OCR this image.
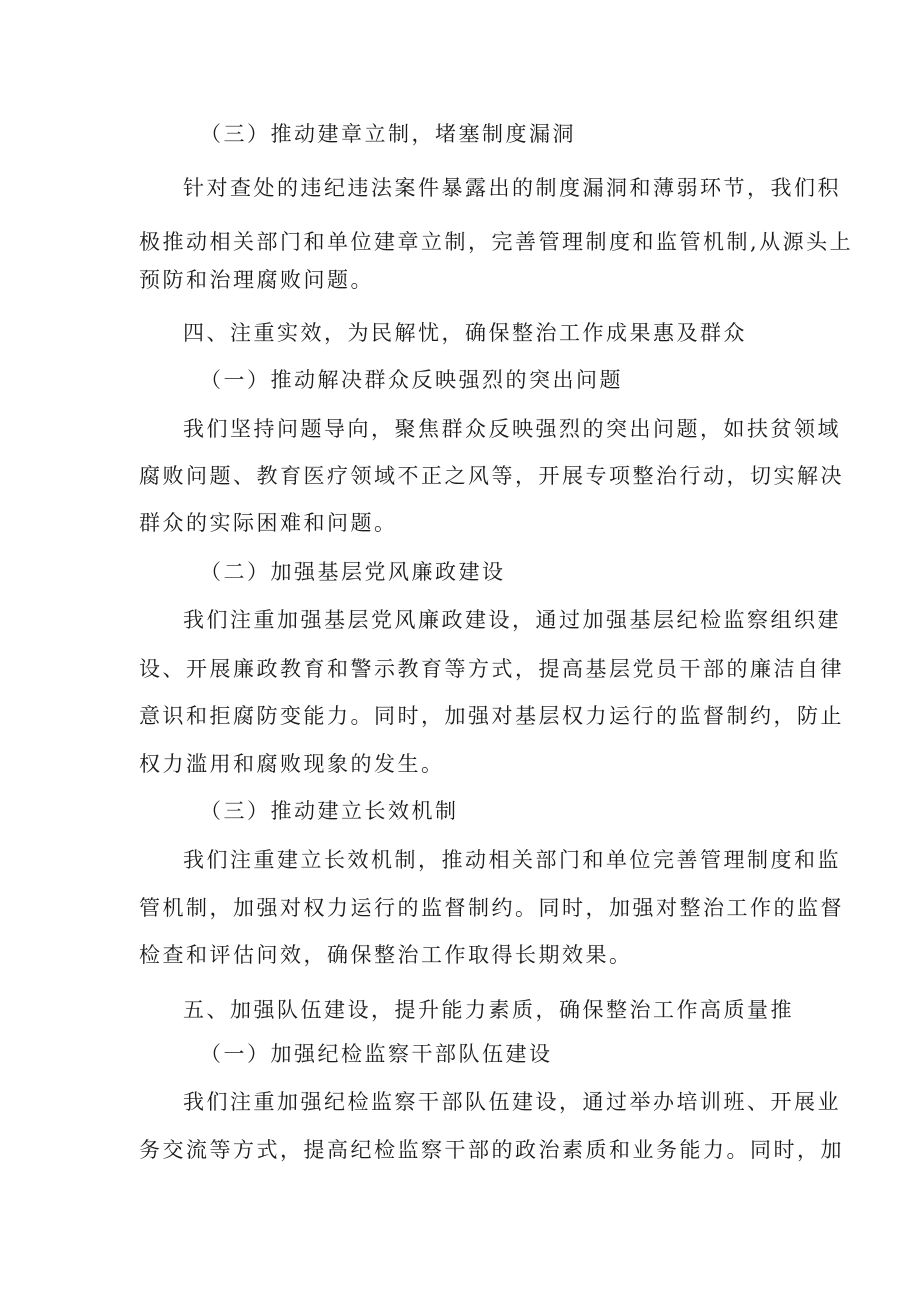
（三）推动建章立制，堵塞制度漏洞
针对查处的违纪违法案件暴露出的制度漏洞和薄弱环节，我们积
极推动相关部门和单位建章立制，完善管理制度和监管机制,从源头上
预防和治理腐败问题。
四、注重实效，为民解忧，确保整治工作成果惠及群众
（一）推动解决群众反映强烈的突出问题
我们坚持问题导向，聚焦群众反映强烈的突出问题，如扶贫领域
腐败问题、教育医疗领域不正之风等，开展专项整治行动，切实解决
群众的实际困难和问题。
（二）加强基层党风廉政建设
我们注重加强基层党风廉政建设，通过加强基层纪检监察组织建
设、开展廉政教育和警示教育等方式，提高基层党员干部的廉洁自律
意识和拒腐防变能力。同时，加强对基层权力运行的监督制约，防止
权力滥用和腐败现象的发生。
（三）推动建立长效机制
我们注重建立长效机制，推动相关部门和单位完善管理制度和监
管机制，加强对权力运行的监督制约。同时，加强对整治工作的监督
检查和评估问效，确保整治工作取得长期效果。
五、加强队伍建设，提升能力素质，确保整治工作高质量推
（一）加强纪检监察干部队伍建设
我们注重加强纪检监察干部队伍建设，通过举办培训班、开展业
务交流等方式，提高纪检监察干部的政治素质和业务能力。同时，加
